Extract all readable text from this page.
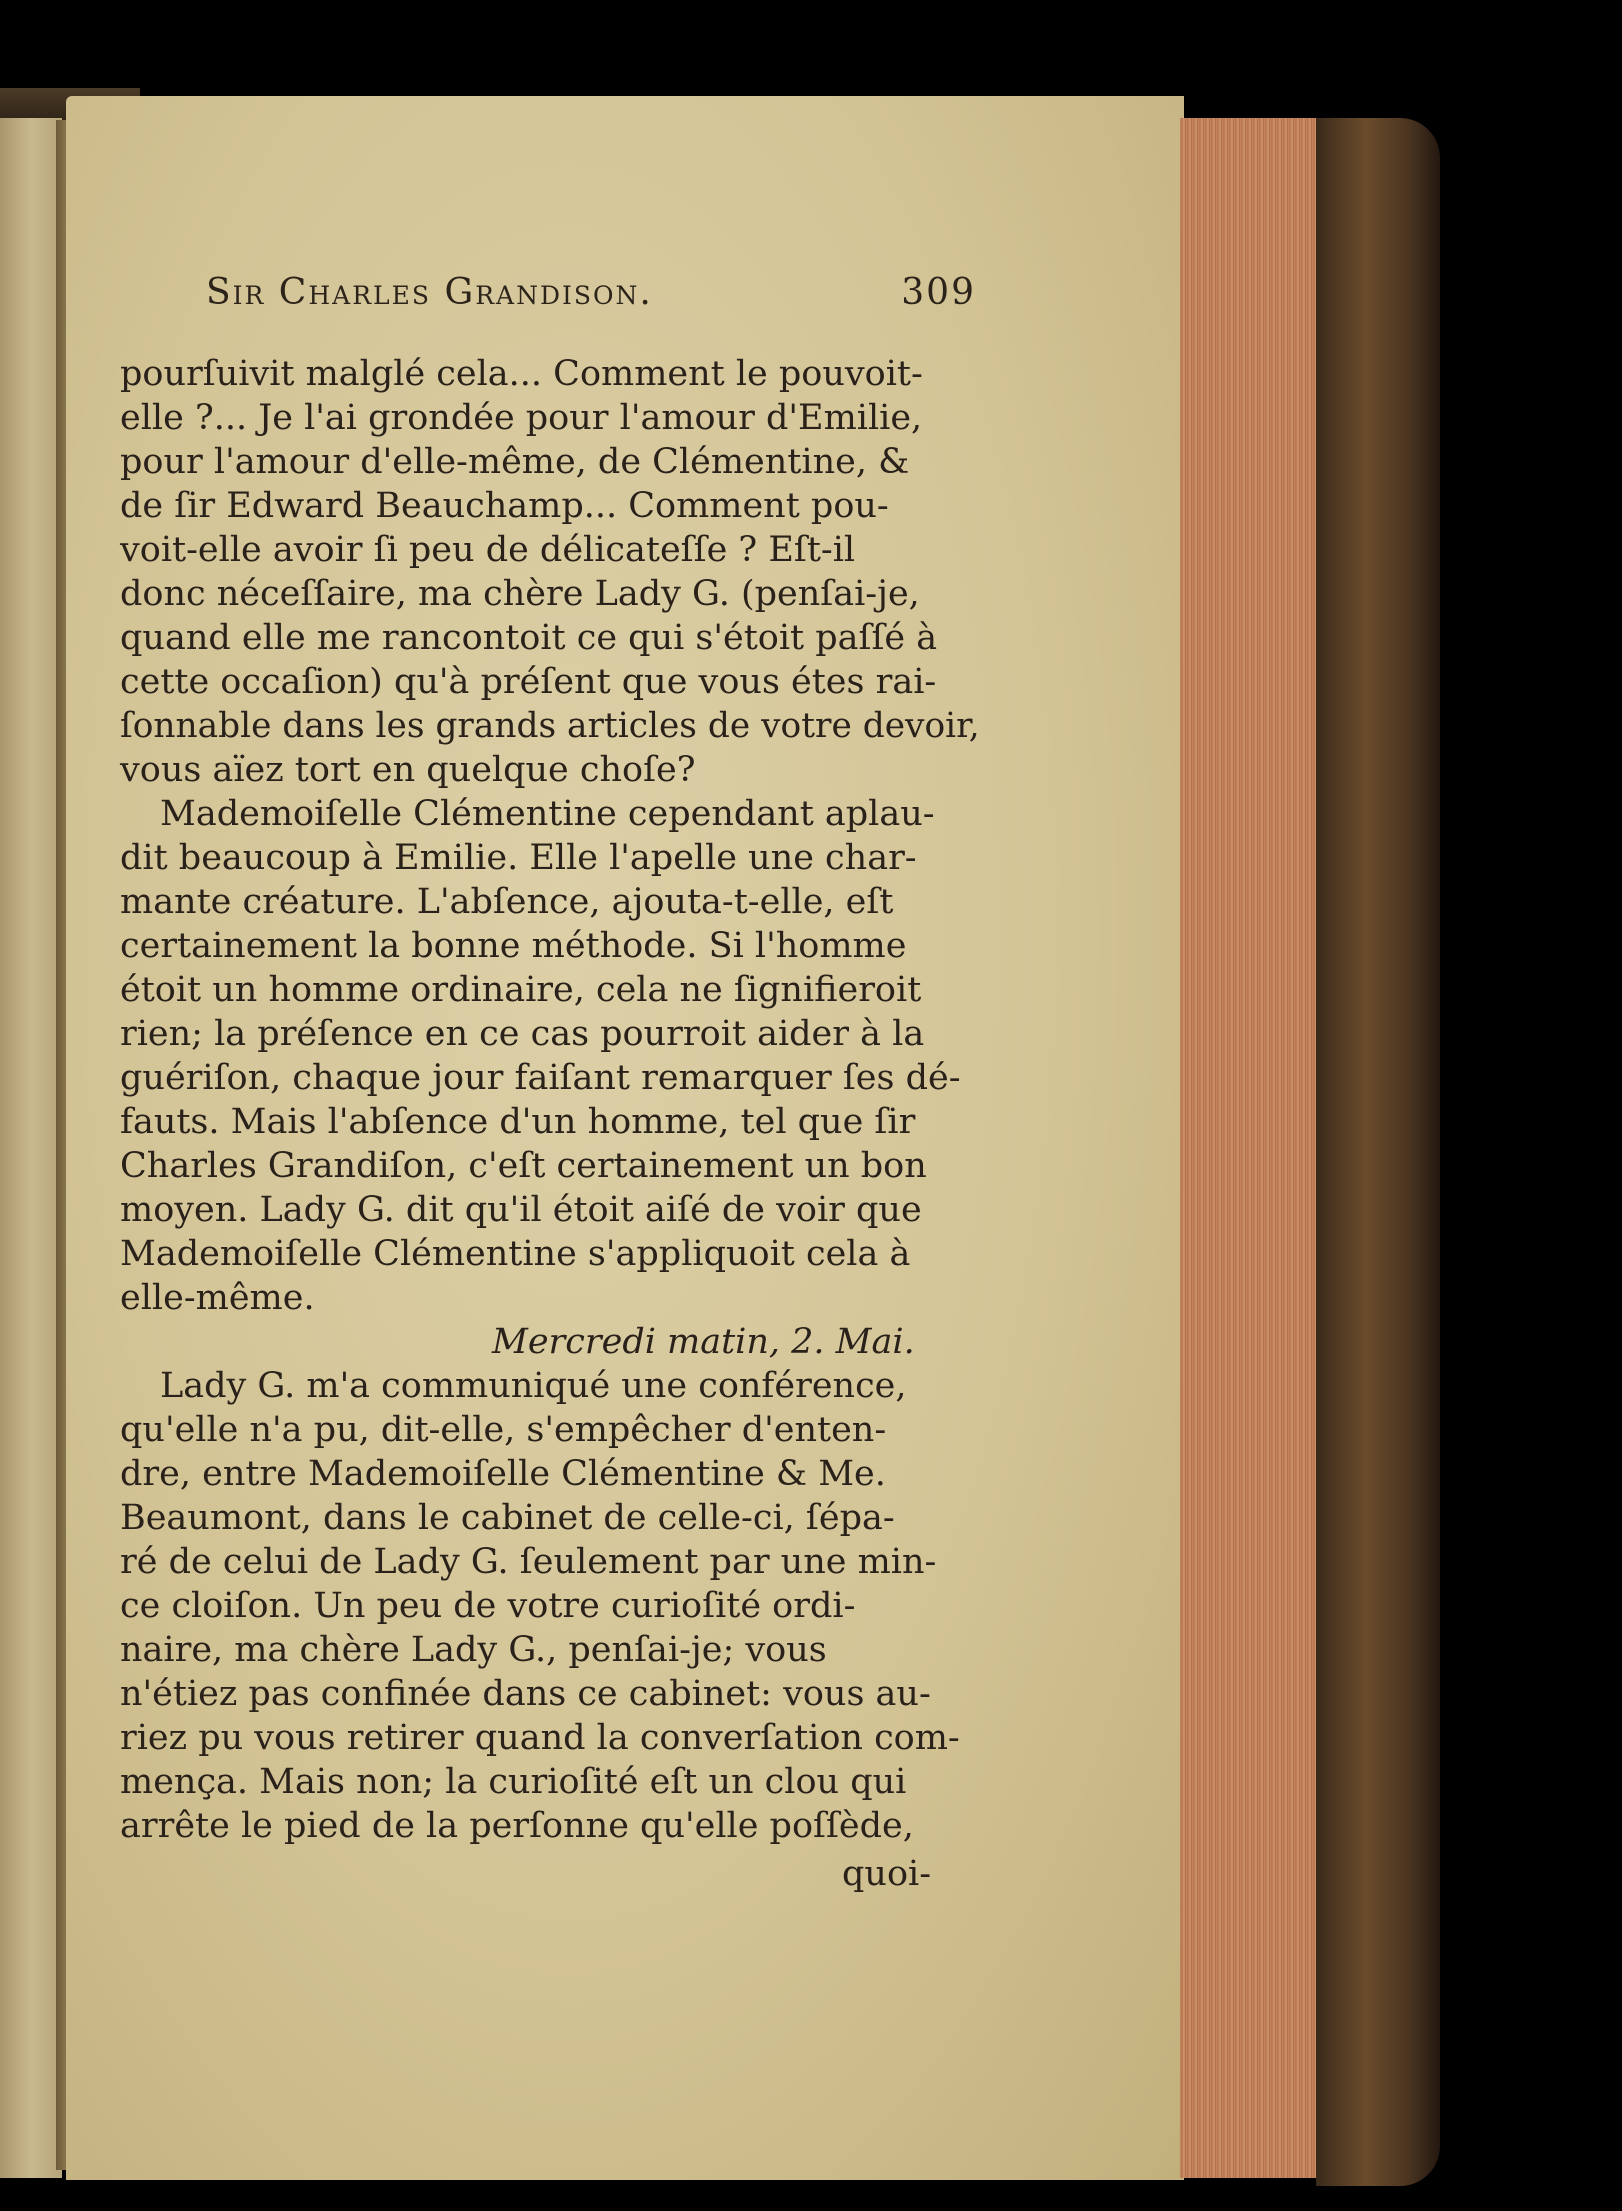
Sir Charles Grandison.	309
pourſuivit malglé cela... Comment le pouvoit-
elle ?... Je l'ai grondée pour l'amour d'Emilie,
pour l'amour d'elle-même, de Clémentine, &
de ſir Edward Beauchamp... Comment pou-
voit-elle avoir ſi peu de délicateſſe ? Eſt-il
donc néceſſaire, ma chère Lady G. (penſai-je,
quand elle me rancontoit ce qui s'étoit paſſé à
cette occaſion) qu'à préſent que vous étes rai-
ſonnable dans les grands articles de votre devoir,
vous aïez tort en quelque choſe?
Mademoiſelle Clémentine cependant aplau-
dit beaucoup à Emilie. Elle l'apelle une char-
mante créature. L'abſence, ajouta-t-elle, eſt
certainement la bonne méthode. Si l'homme
étoit un homme ordinaire, cela ne ſignifieroit
rien; la préſence en ce cas pourroit aider à la
guériſon, chaque jour faiſant remarquer ſes dé-
fauts. Mais l'abſence d'un homme, tel que ſir
Charles Grandiſon, c'eſt certainement un bon
moyen. Lady G. dit qu'il étoit aiſé de voir que
Mademoiſelle Clémentine s'appliquoit cela à
elle-même.
Mercredi matin, 2. Mai.
Lady G. m'a communiqué une conférence,
qu'elle n'a pu, dit-elle, s'empêcher d'enten-
dre, entre Mademoiſelle Clémentine & Me.
Beaumont, dans le cabinet de celle-ci, ſépa-
ré de celui de Lady G. ſeulement par une min-
ce cloiſon. Un peu de votre curioſité ordi-
naire, ma chère Lady G., penſai-je; vous
n'étiez pas confinée dans ce cabinet: vous au-
riez pu vous retirer quand la converſation com-
mença. Mais non; la curioſité eſt un clou qui
arrête le pied de la perſonne qu'elle poſſède,
quoi-
